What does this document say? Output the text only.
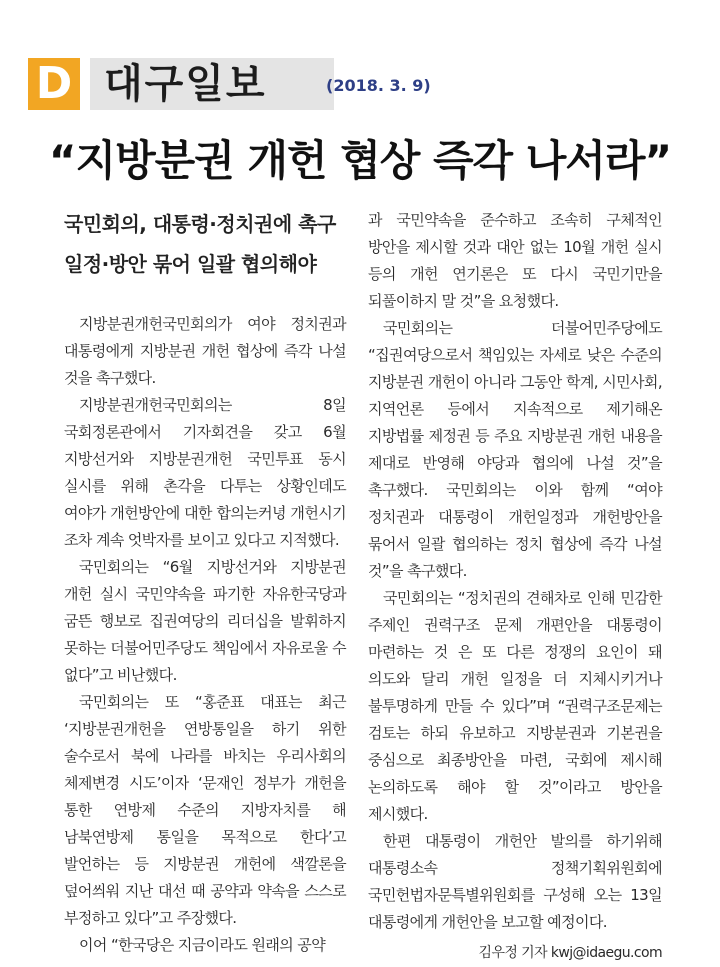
D 대구일보	(2018. 3. 9)
“지방분권 개헌 협상 즉각 나서라”
국민회의, 대통령·정치권에 촉구
일정·방안 묶어 일괄 협의해야

지방분권개헌국민회의가 여야 정치권과 대통령에게 지방분권 개헌 협상에 즉각 나설 것을 촉구했다.

지방분권개헌국민회의는 8일 국회정론관에서 기자회견을 갖고 6월 지방선거와 지방분권개헌 국민투표 동시 실시를 위해 촌각을 다투는 상황인데도 여야가 개헌방안에 대한 합의는커녕 개헌시기 조차 계속 엇박자를 보이고 있다고 지적했다.

국민회의는 “6월 지방선거와 지방분권 개헌 실시 국민약속을 파기한 자유한국당과 굼뜬 행보로 집권여당의 리더십을 발휘하지 못하는 더불어민주당도 책임에서 자유로울 수 없다”고 비난했다.

국민회의는 또 “홍준표 대표는 최근 ‘지방분권개헌을 연방통일을 하기 위한 술수로서 북에 나라를 바치는 우리사회의 체제변경 시도’이자 ‘문재인 정부가 개헌을 통한 연방제 수준의 지방자치를 해 남북연방제 통일을 목적으로 한다’고 발언하는 등 지방분권 개헌에 색깔론을 덮어씌워 지난 대선 때 공약과 약속을 스스로 부정하고 있다”고 주장했다.

이어 “한국당은 지금이라도 원래의 공약

과 국민약속을 준수하고 조속히 구체적인 방안을 제시할 것과 대안 없는 10월 개헌 실시 등의 개헌 연기론은 또 다시 국민기만을 되풀이하지 말 것”을 요청했다.

국민회의는 더불어민주당에도 “집권여당으로서 책임있는 자세로 낮은 수준의 지방분권 개헌이 아니라 그동안 학계, 시민사회, 지역언론 등에서 지속적으로 제기해온 지방법률 제정권 등 주요 지방분권 개헌 내용을 제대로 반영해 야당과 협의에 나설 것”을 촉구했다. 국민회의는 이와 함께 “여야 정치권과 대통령이 개헌일정과 개헌방안을 묶어서 일괄 협의하는 정치 협상에 즉각 나설 것”을 촉구했다.

국민회의는 “정치권의 견해차로 인해 민감한 주제인 권력구조 문제 개편안을 대통령이 마련하는 것 은 또 다른 정쟁의 요인이 돼 의도와 달리 개헌 일정을 더 지체시키거나 불투명하게 만들 수 있다”며 “권력구조문제는 검토는 하되 유보하고 지방분권과 기본권을 중심으로 최종방안을 마련, 국회에 제시해 논의하도록 해야 할 것”이라고 방안을 제시했다.

한편 대통령이 개헌안 발의를 하기위해 대통령소속 정책기획위원회에 국민헌법자문특별위원회를 구성해 오는 13일 대통령에게 개헌안을 보고할 예정이다.

김우정 기자 kwj@idaegu.com
